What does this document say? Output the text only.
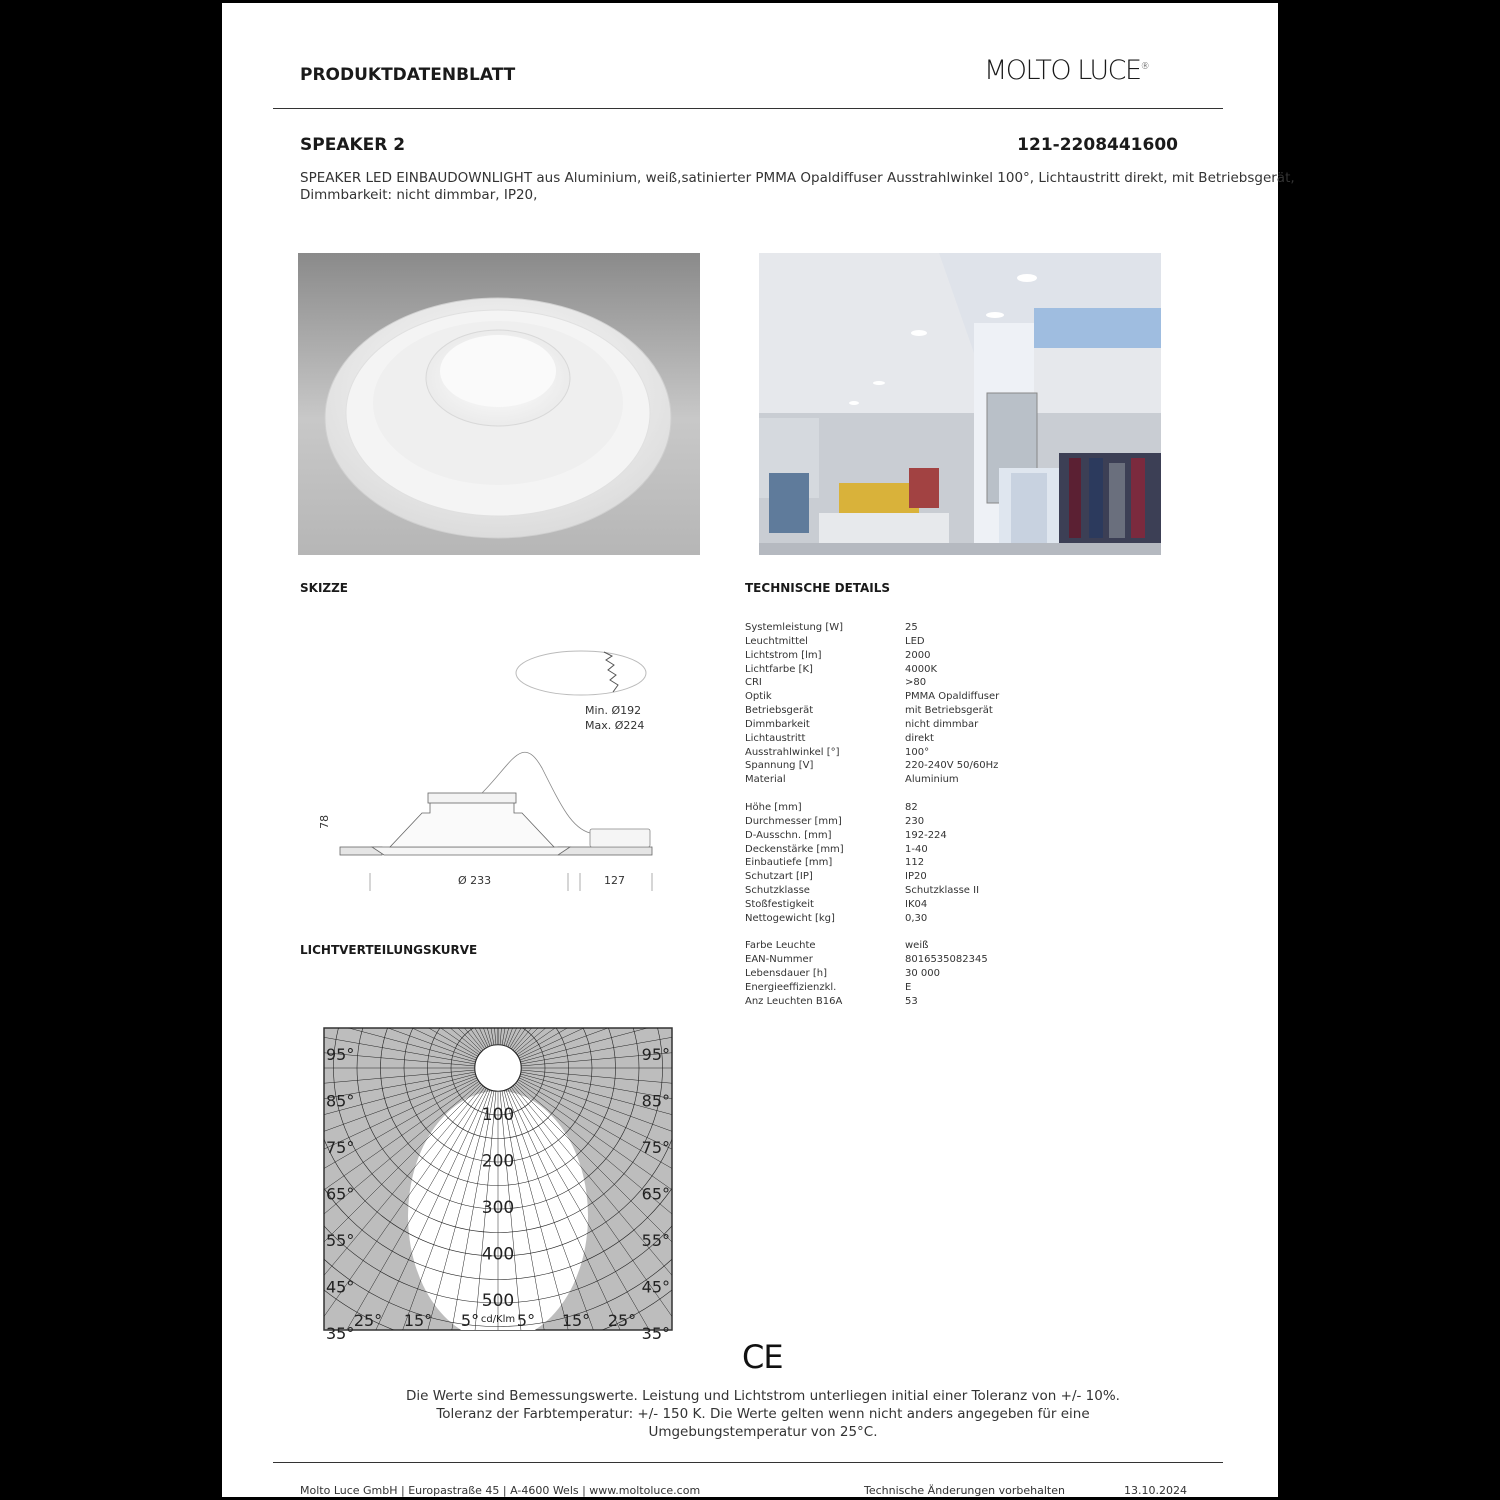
PRODUKTDATENBLATT	MOLTO LUCE®
SPEAKER 2	121-2208441600
SPEAKER LED EINBAUDOWNLIGHT aus Aluminium, weiß,satinierter PMMA Opaldiffuser Ausstrahlwinkel 100°, Lichtaustritt direkt, mit Betriebsgerät,
Dimmbarkeit: nicht dimmbar, IP20,
SKIZZE	TECHNISCHE DETAILS
LICHTVERTEILUNGSKURVE
Min. Ø192
Max. Ø224
78
Ø 233	127
Systemleistung [W]	25
Leuchtmittel	LED
Lichtstrom [lm]	2000
Lichtfarbe [K]	4000K
CRI	>80
Optik	PMMA Opaldiffuser
Betriebsgerät	mit Betriebsgerät
Dimmbarkeit	nicht dimmbar
Lichtaustritt	direkt
Ausstrahlwinkel [°]	100°
Spannung [V]	220-240V 50/60Hz
Material	Aluminium
Höhe [mm]	82
Durchmesser [mm]	230
D-Ausschn. [mm]	192-224
Deckenstärke [mm]	1-40
Einbautiefe [mm]	112
Schutzart [IP]	IP20
Schutzklasse	Schutzklasse II
Stoßfestigkeit	IK04
Nettogewicht [kg]	0,30
Farbe Leuchte	weiß
EAN-Nummer	8016535082345
Lebensdauer [h]	30 000
Energieeffizienzkl.	E
Anz Leuchten B16A	53
100
200
300
400
500
cd/Klm
95°
85°
75°
65°
55°
45°
35°
95°
85°
75°
65°
55°
45°
35°
25° 15° 5° 5° 15° 25°
CE
Die Werte sind Bemessungswerte. Leistung und Lichtstrom unterliegen initial einer Toleranz von +/- 10%.
Toleranz der Farbtemperatur: +/- 150 K. Die Werte gelten wenn nicht anders angegeben für eine
Umgebungstemperatur von 25°C.
Molto Luce GmbH | Europastraße 45 | A-4600 Wels | www.moltoluce.com	Technische Änderungen vorbehalten	13.10.2024
